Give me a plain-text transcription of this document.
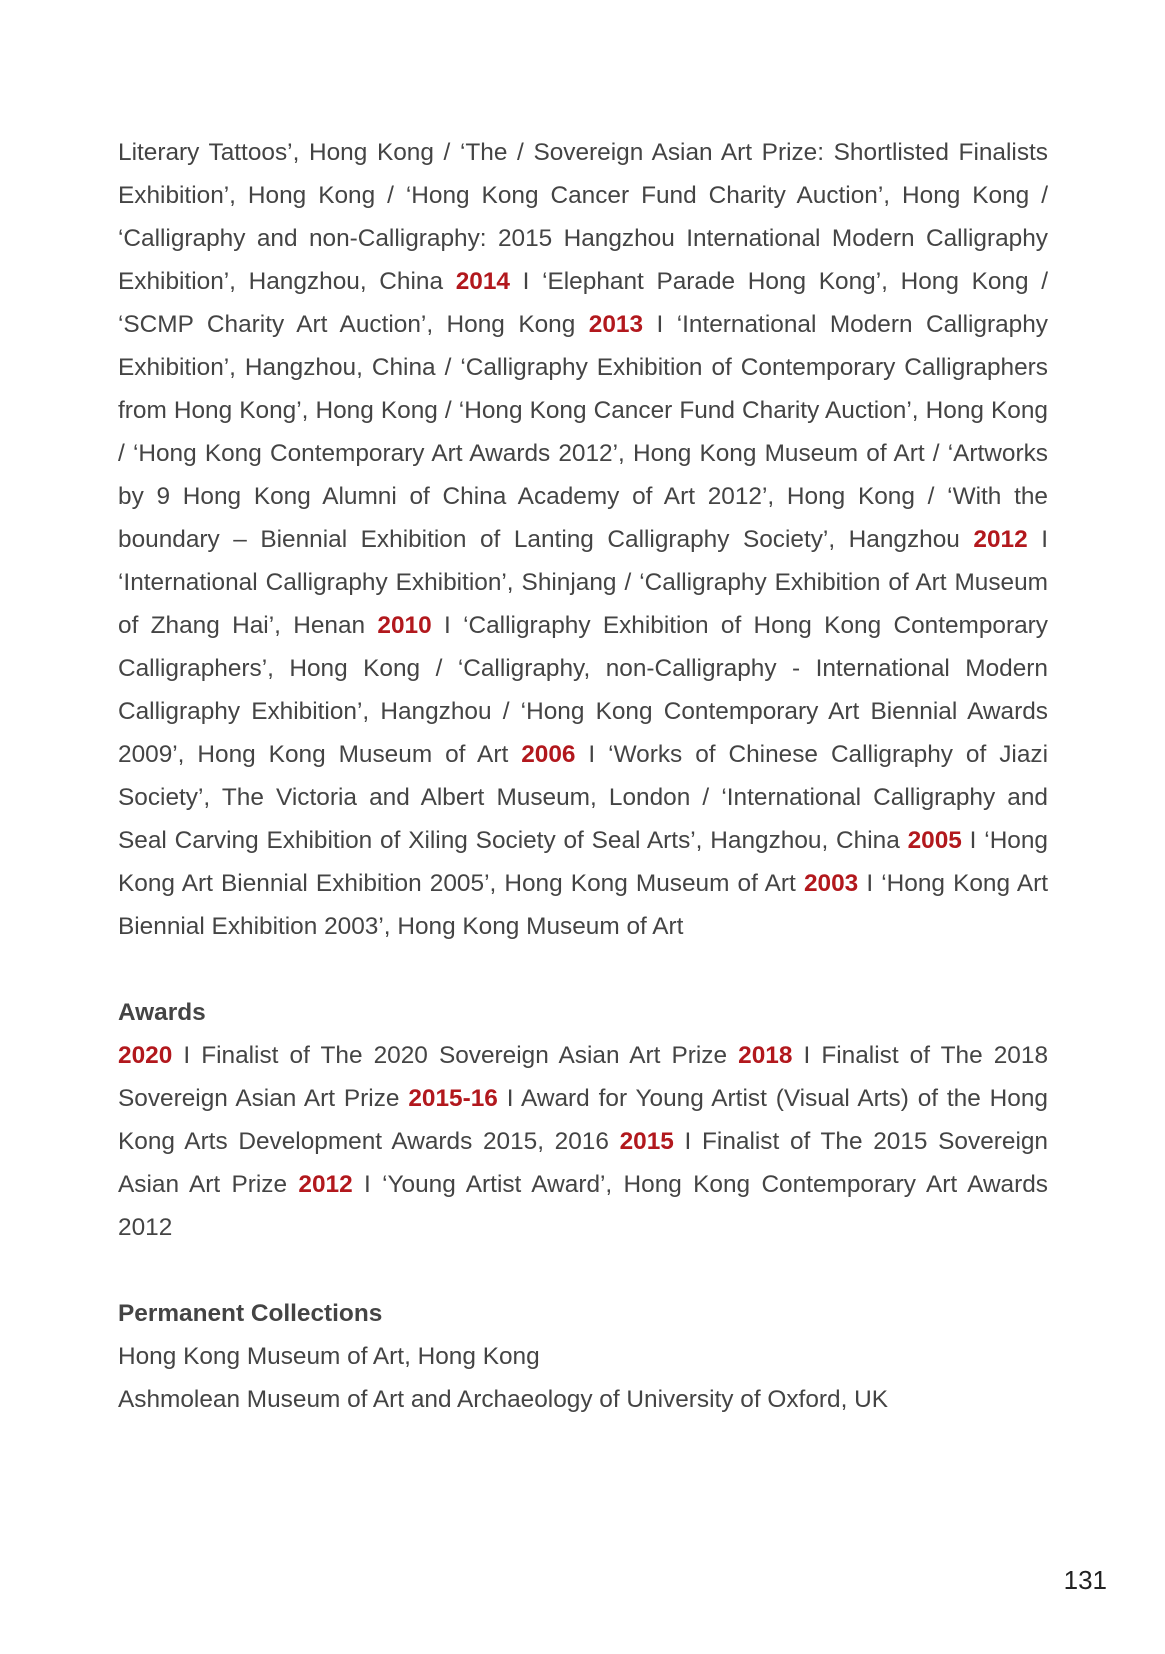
Literary Tattoos’, Hong Kong / ‘The / Sovereign Asian Art Prize: Shortlisted Finalists Exhibition’, Hong Kong / ‘Hong Kong Cancer Fund Charity Auction’, Hong Kong / ‘Calligraphy and non-Calligraphy: 2015 Hangzhou International Modern Calligraphy Exhibition’, Hangzhou, China 2014 I ‘Elephant Parade Hong Kong’, Hong Kong / ‘SCMP Charity Art Auction’, Hong Kong 2013 I ‘International Modern Calligraphy Exhibition’, Hangzhou, China / ‘Calligraphy Exhibition of Contemporary Calligraphers from Hong Kong’, Hong Kong / ‘Hong Kong Cancer Fund Charity Auction’, Hong Kong / ‘Hong Kong Contemporary Art Awards 2012’, Hong Kong Museum of Art / ‘Artworks by 9 Hong Kong Alumni of China Academy of Art 2012’, Hong Kong / ‘With the boundary – Biennial Exhibition of Lanting Calligraphy Society’, Hangzhou 2012 I ‘International Calligraphy Exhibition’, Shinjang / ‘Calligraphy Exhibition of Art Museum of Zhang Hai’, Henan 2010 I ‘Calligraphy Exhibition of Hong Kong Contemporary Calligraphers’, Hong Kong / ‘Calligraphy, non-Calligraphy - International Modern Calligraphy Exhibition’, Hangzhou / ‘Hong Kong Contemporary Art Biennial Awards 2009’, Hong Kong Museum of Art 2006 I ‘Works of Chinese Calligraphy of Jiazi Society’, The Victoria and Albert Museum, London / ‘International Calligraphy and Seal Carving Exhibition of Xiling Society of Seal Arts’, Hangzhou, China 2005 I ‘Hong Kong Art Biennial Exhibition 2005’, Hong Kong Museum of Art 2003 I ‘Hong Kong Art Biennial Exhibition 2003’, Hong Kong Museum of Art

Awards

2020 I Finalist of The 2020 Sovereign Asian Art Prize 2018 I Finalist of The 2018 Sovereign Asian Art Prize 2015-16 I Award for Young Artist (Visual Arts) of the Hong Kong Arts Development Awards 2015, 2016 2015 I Finalist of The 2015 Sovereign Asian Art Prize 2012 I ‘Young Artist Award’, Hong Kong Contemporary Art Awards 2012

Permanent Collections

Hong Kong Museum of Art, Hong Kong

Ashmolean Museum of Art and Archaeology of University of Oxford, UK

131
